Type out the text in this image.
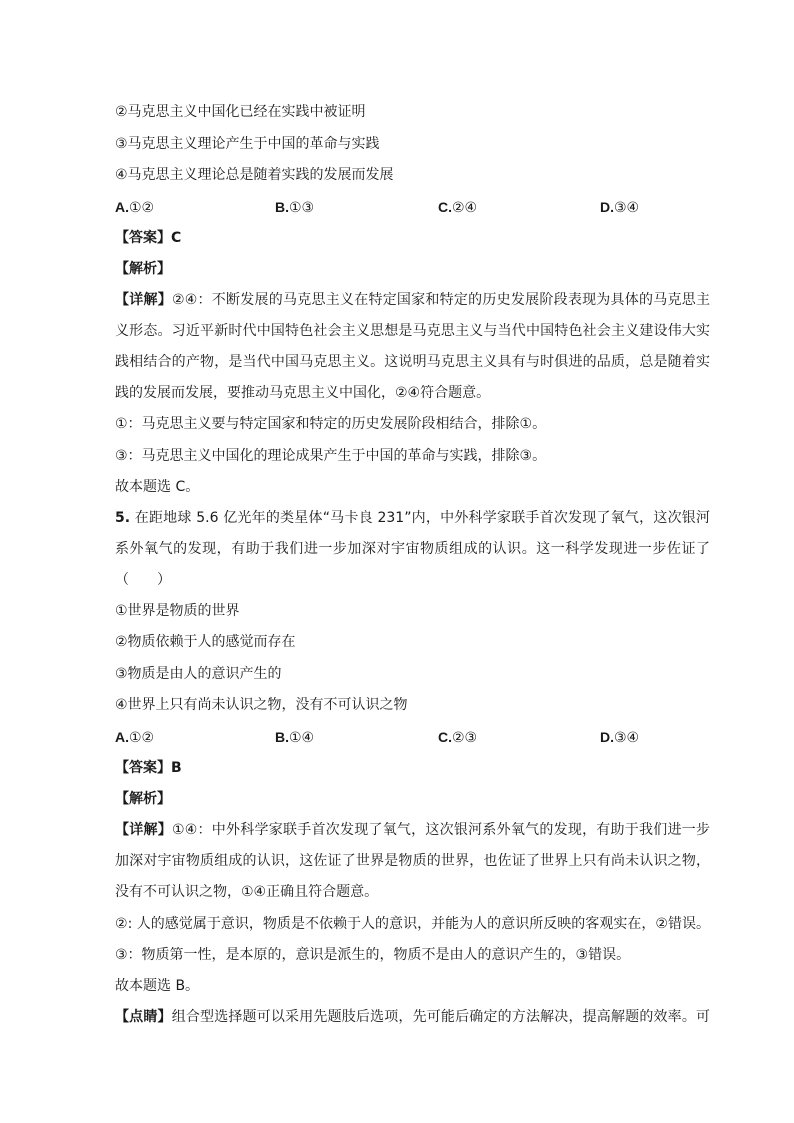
②马克思主义中国化已经在实践中被证明
③马克思主义理论产生于中国的革命与实践
④马克思主义理论总是随着实践的发展而发展
A.①②	B.①③	C.②④	D.③④
【答案】C
【解析】
【详解】②④：不断发展的马克思主义在特定国家和特定的历史发展阶段表现为具体的马克思主
义形态。习近平新时代中国特色社会主义思想是马克思主义与当代中国特色社会主义建设伟大实
践相结合的产物，是当代中国马克思主义。这说明马克思主义具有与时俱进的品质，总是随着实
践的发展而发展，要推动马克思主义中国化，②④符合题意。
①：马克思主义要与特定国家和特定的历史发展阶段相结合，排除①。
③：马克思主义中国化的理论成果产生于中国的革命与实践，排除③。
故本题选 C。
5. 在距地球 5.6 亿光年的类星体“马卡良 231”内，中外科学家联手首次发现了氧气，这次银河
系外氧气的发现，有助于我们进一步加深对宇宙物质组成的认识。这一科学发现进一步佐证了
（　　）
①世界是物质的世界
②物质依赖于人的感觉而存在
③物质是由人的意识产生的
④世界上只有尚未认识之物，没有不可认识之物
A.①②	B.①④	C.②③	D.③④
【答案】B
【解析】
【详解】①④：中外科学家联手首次发现了氧气，这次银河系外氧气的发现，有助于我们进一步
加深对宇宙物质组成的认识，这佐证了世界是物质的世界，也佐证了世界上只有尚未认识之物，
没有不可认识之物，①④正确且符合题意。
②: 人的感觉属于意识，物质是不依赖于人的意识，并能为人的意识所反映的客观实在，②错误。
③：物质第一性，是本原的，意识是派生的，物质不是由人的意识产生的，③错误。
故本题选 B。
【点睛】组合型选择题可以采用先题肢后选项，先可能后确定的方法解决，提高解题的效率。可
